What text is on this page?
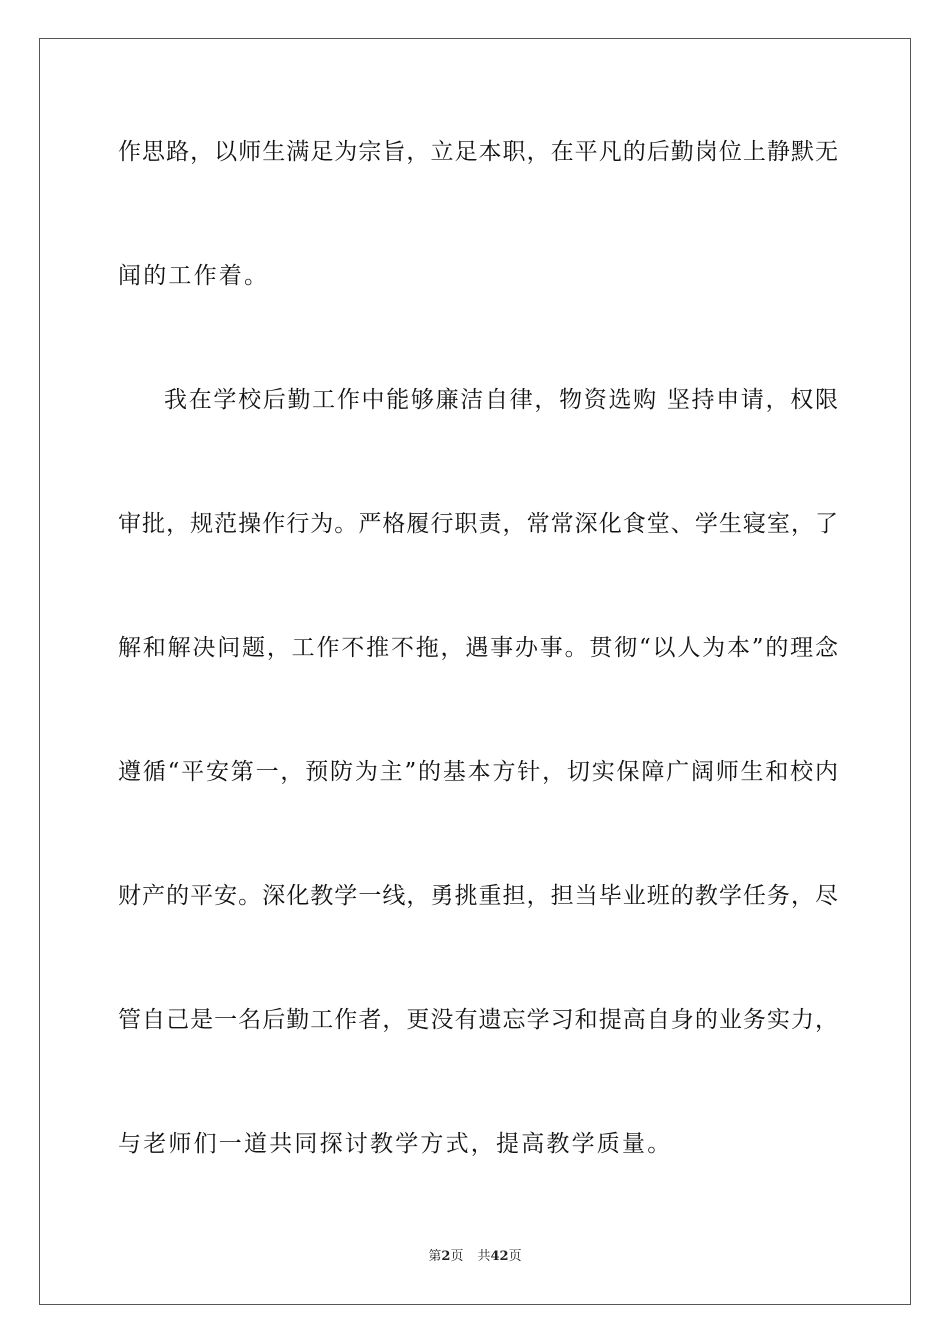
作思路，以师生满足为宗旨，立足本职，在平凡的后勤岗位上静默无
闻的工作着。
我在学校后勤工作中能够廉洁自律，物资选购 坚持申请，权限
审批，规范操作行为。严格履行职责，常常深化食堂、学生寝室，了
解和解决问题，工作不推不拖，遇事办事。贯彻“以人为本”的理念
遵循“平安第一，预防为主”的基本方针，切实保障广阔师生和校内
财产的平安。深化教学一线，勇挑重担，担当毕业班的教学任务，尽
管自己是一名后勤工作者，更没有遗忘学习和提高自身的业务实力，
与老师们一道共同探讨教学方式，提高教学质量。
第2页 共42页
